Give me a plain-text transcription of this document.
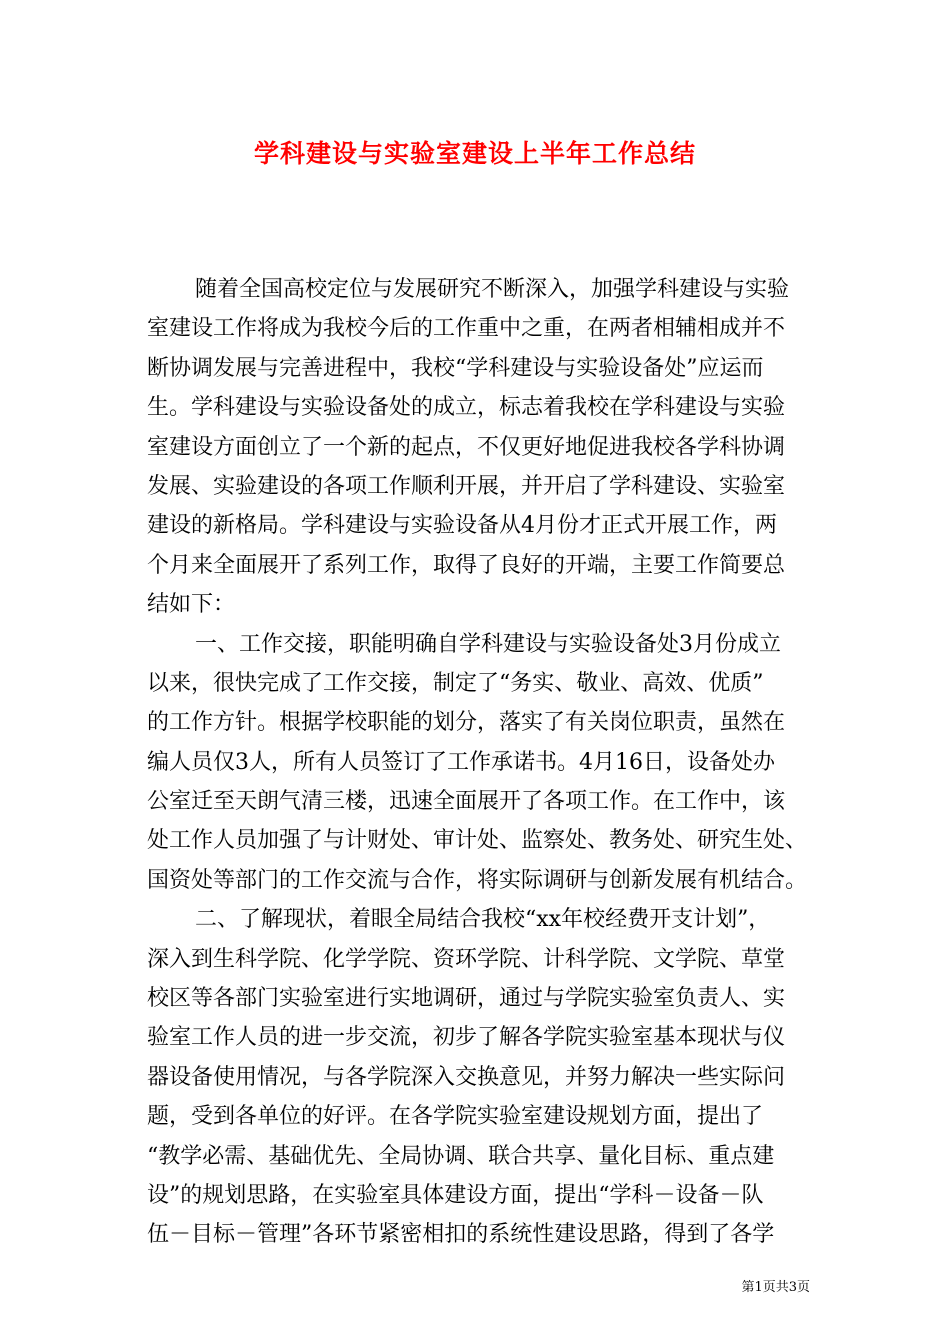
学科建设与实验室建设上半年工作总结
随着全国高校定位与发展研究不断深入，加强学科建设与实验
室建设工作将成为我校今后的工作重中之重，在两者相辅相成并不
断协调发展与完善进程中，我校“学科建设与实验设备处”应运而
生。学科建设与实验设备处的成立，标志着我校在学科建设与实验
室建设方面创立了一个新的起点，不仅更好地促进我校各学科协调
发展、实验建设的各项工作顺利开展，并开启了学科建设、实验室
建设的新格局。学科建设与实验设备从4月份才正式开展工作，两
个月来全面展开了系列工作，取得了良好的开端，主要工作简要总
结如下：
一、工作交接，职能明确自学科建设与实验设备处3月份成立
以来，很快完成了工作交接，制定了“务实、敬业、高效、优质”
的工作方针。根据学校职能的划分，落实了有关岗位职责，虽然在
编人员仅3人，所有人员签订了工作承诺书。4月16日，设备处办
公室迁至天朗气清三楼，迅速全面展开了各项工作。在工作中，该
处工作人员加强了与计财处、审计处、监察处、教务处、研究生处、
国资处等部门的工作交流与合作，将实际调研与创新发展有机结合。
二、了解现状，着眼全局结合我校“xx年校经费开支计划”，
深入到生科学院、化学学院、资环学院、计科学院、文学院、草堂
校区等各部门实验室进行实地调研，通过与学院实验室负责人、实
验室工作人员的进一步交流，初步了解各学院实验室基本现状与仪
器设备使用情况，与各学院深入交换意见，并努力解决一些实际问
题，受到各单位的好评。在各学院实验室建设规划方面，提出了
“教学必需、基础优先、全局协调、联合共享、量化目标、重点建
设”的规划思路，在实验室具体建设方面，提出“学科－设备－队
伍－目标－管理”各环节紧密相扣的系统性建设思路，得到了各学
第1页共3页
